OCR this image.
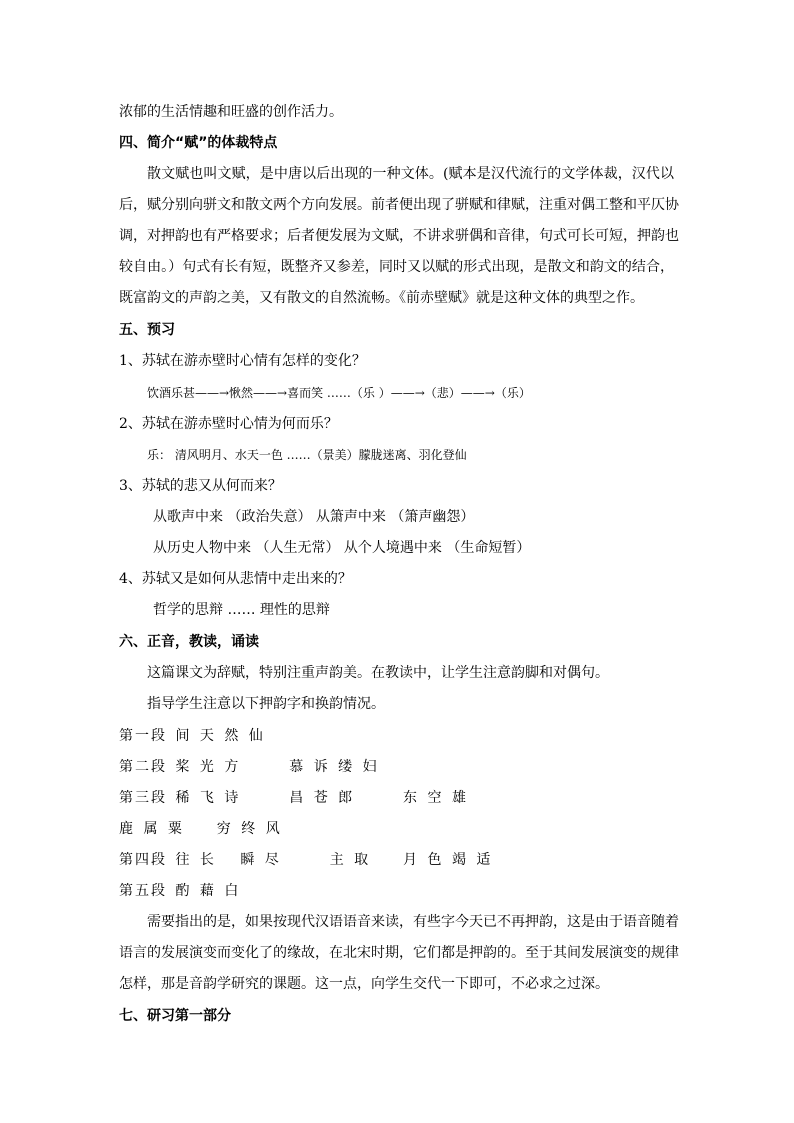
浓郁的生活情趣和旺盛的创作活力。
四、简介“赋”的体裁特点
散文赋也叫文赋，是中唐以后出现的一种文体。(赋本是汉代流行的文学体裁，汉代以
后，赋分别向骈文和散文两个方向发展。前者便出现了骈赋和律赋，注重对偶工整和平仄协
调，对押韵也有严格要求；后者便发展为文赋，不讲求骈偶和音律，句式可长可短，押韵也
较自由。）句式有长有短，既整齐又参差，同时又以赋的形式出现，是散文和韵文的结合，
既富韵文的声韵之美，又有散文的自然流畅。《前赤壁赋》就是这种文体的典型之作。
五、预习
1、苏轼在游赤壁时心情有怎样的变化？
饮酒乐甚——→愀然——→喜而笑 ……（乐 ）——→（悲）——→（乐）
2、苏轼在游赤壁时心情为何而乐？
乐： 清风明月、水天一色 ……（景美）朦胧迷离、羽化登仙
3、苏轼的悲又从何而来？
从歌声中来 （政治失意） 从箫声中来 （箫声幽怨）
从历史人物中来 （人生无常） 从个人境遇中来 （生命短暂）
4、苏轼又是如何从悲情中走出来的？
哲学的思辩 …… 理性的思辩
六、正音，教读，诵读
这篇课文为辞赋，特别注重声韵美。在教读中，让学生注意韵脚和对偶句。
指导学生注意以下押韵字和换韵情况。
第一段 间 天 然 仙
第二段 桨 光 方 　　 慕 诉 缕 妇
第三段 稀 飞 诗 　　 昌 苍 郎 　　 东 空 雄
鹿 属 粟 　 穷 终 风
第四段 往 长 　瞬 尽 　　 主 取 　 月 色 竭 适
第五段 酌 藉 白
需要指出的是，如果按现代汉语语音来读，有些字今天已不再押韵，这是由于语音随着
语言的发展演变而变化了的缘故，在北宋时期，它们都是押韵的。至于其间发展演变的规律
怎样，那是音韵学研究的课题。这一点，向学生交代一下即可，不必求之过深。
七、研习第一部分
